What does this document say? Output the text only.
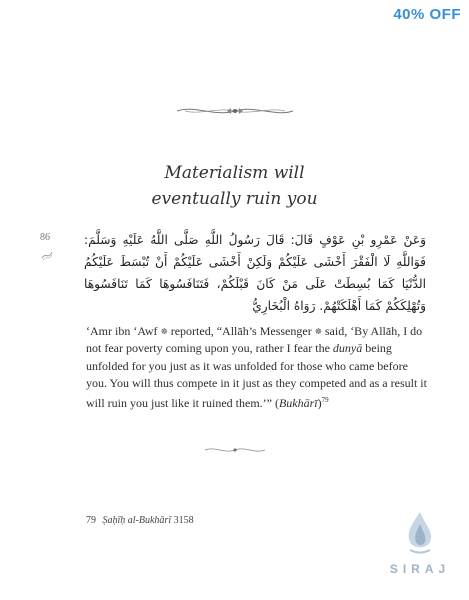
40% OFF
Materialism will
eventually ruin you
86	وَعَنْ عَمْرِو بْنِ عَوْفٍ قَالَ: قَالَ رَسُولُ اللَّهِ صَلَّى اللَّهُ عَلَيْهِ وَسَلَّمَ: فَوَاللَّهِ لَا الْفَقْرَ أَخْشَى عَلَيْكُمْ وَلَكِنْ أَخْشَى عَلَيْكُمْ أَنْ تُبْسَطَ عَلَيْكُمُ الدُّنْيَا كَمَا بُسِطَتْ عَلَى مَنْ كَانَ قَبْلَكُمْ، فَتَنَافَسُوهَا كَمَا تَنَافَسُوهَا وَتُهْلِكَكُمْ كَمَا أَهْلَكَتْهُمْ. رَوَاهُ الْبُخَارِيُّ
‘Amr ibn ‘Awf ☸ reported, “Allāh’s Messenger ☸ said, ‘By Allāh, I do not fear poverty coming upon you, rather I fear the dunyā being unfolded for you just as it was unfolded for those who came before you. You will thus compete in it just as they competed and as a result it will ruin you just like it ruined them.’” (Bukhārī)$^{79}$
79 Ṣaḥīḥ al-Bukhārī 3158
SIRAJ
